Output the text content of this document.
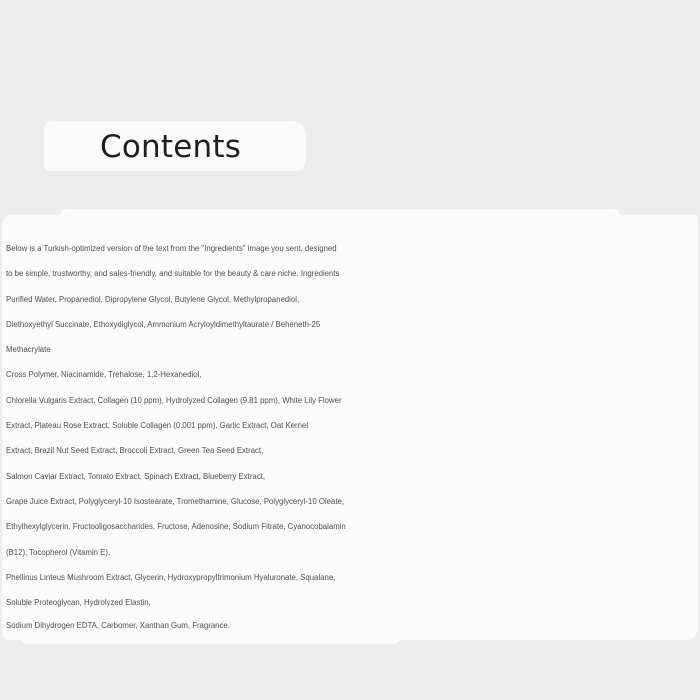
Contents
Below is a Turkish-optimized version of the text from the "Ingredients" image you sent, designed
to be simple, trustworthy, and sales-friendly, and suitable for the beauty & care niche. Ingredients
Purified Water, Propanediol, Dipropylene Glycol, Butylene Glycol, Methylpropanediol,
Diethoxyethyl Succinate, Ethoxydiglycol, Ammonium Acryloyldimethyltaurate / Beheneth-25
Methacrylate
Cross Polymer, Niacinamide, Trehalose, 1,2-Hexanediol,
Chlorella Vulgaris Extract, Collagen (10 ppm), Hydrolyzed Collagen (9.81 ppm), White Lily Flower
Extract, Plateau Rose Extract, Soluble Collagen (0.001 ppm), Garlic Extract, Oat Kernel
Extract, Brazil Nut Seed Extract, Broccoli Extract, Green Tea Seed Extract,
Salmon Caviar Extract, Tomato Extract, Spinach Extract, Blueberry Extract,
Grape Juice Extract, Polyglyceryl-10 Isostearate, Tromethamine, Glucose, Polyglyceryl-10 Oleate,
Ethylhexylglycerin, Fructooligosaccharides, Fructose, Adenosine, Sodium Fitrate, Cyanocobalamin
(B12), Tocopherol (Vitamin E),
Phellinus Linteus Mushroom Extract, Glycerin, Hydroxypropyltrimonium Hyaluronate, Squalane,
Soluble Proteoglycan, Hydrolyzed Elastin,
Sodium Dihydrogen EDTA, Carbomer, Xanthan Gum, Fragrance.
